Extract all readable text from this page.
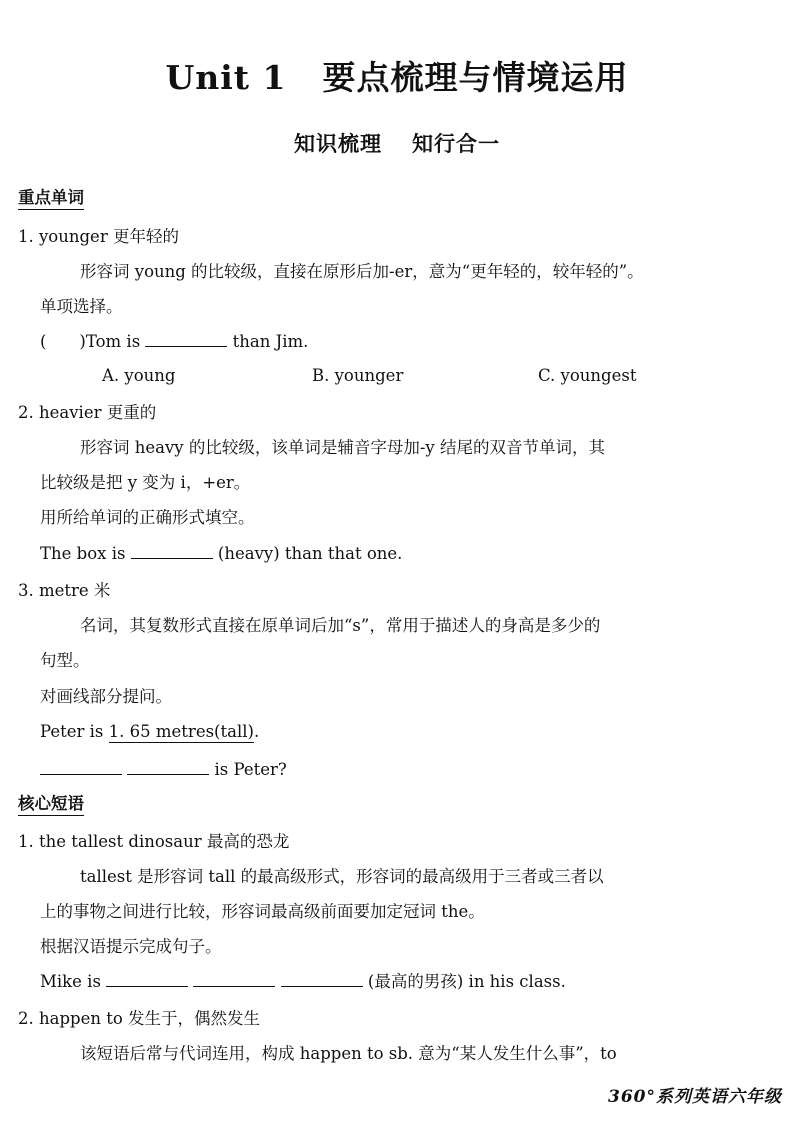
Unit 1 要点梳理与情境运用
知识梳理 知行合一
重点单词
1. younger 更年轻的
形容词 young 的比较级，直接在原形后加-er，意为“更年轻的，较年轻的”。
单项选择。
(　　)Tom is	than Jim.
A. young	B. younger	C. youngest
2. heavier 更重的
形容词 heavy 的比较级，该单词是辅音字母加-y 结尾的双音节单词，其
比较级是把 y 变为 i，+er。
用所给单词的正确形式填空。
The box is	(heavy) than that one.
3. metre 米
名词，其复数形式直接在原单词后加“s”，常用于描述人的身高是多少的
句型。
对画线部分提问。
Peter is 1. 65 metres(tall).
is Peter?
核心短语
1. the tallest dinosaur 最高的恐龙
tallest 是形容词 tall 的最高级形式，形容词的最高级用于三者或三者以
上的事物之间进行比较，形容词最高级前面要加定冠词 the。
根据汉语提示完成句子。
Mike is	(最高的男孩) in his class.
2. happen to 发生于，偶然发生
该短语后常与代词连用，构成 happen to sb. 意为“某人发生什么事”，to
360°系列英语六年级
